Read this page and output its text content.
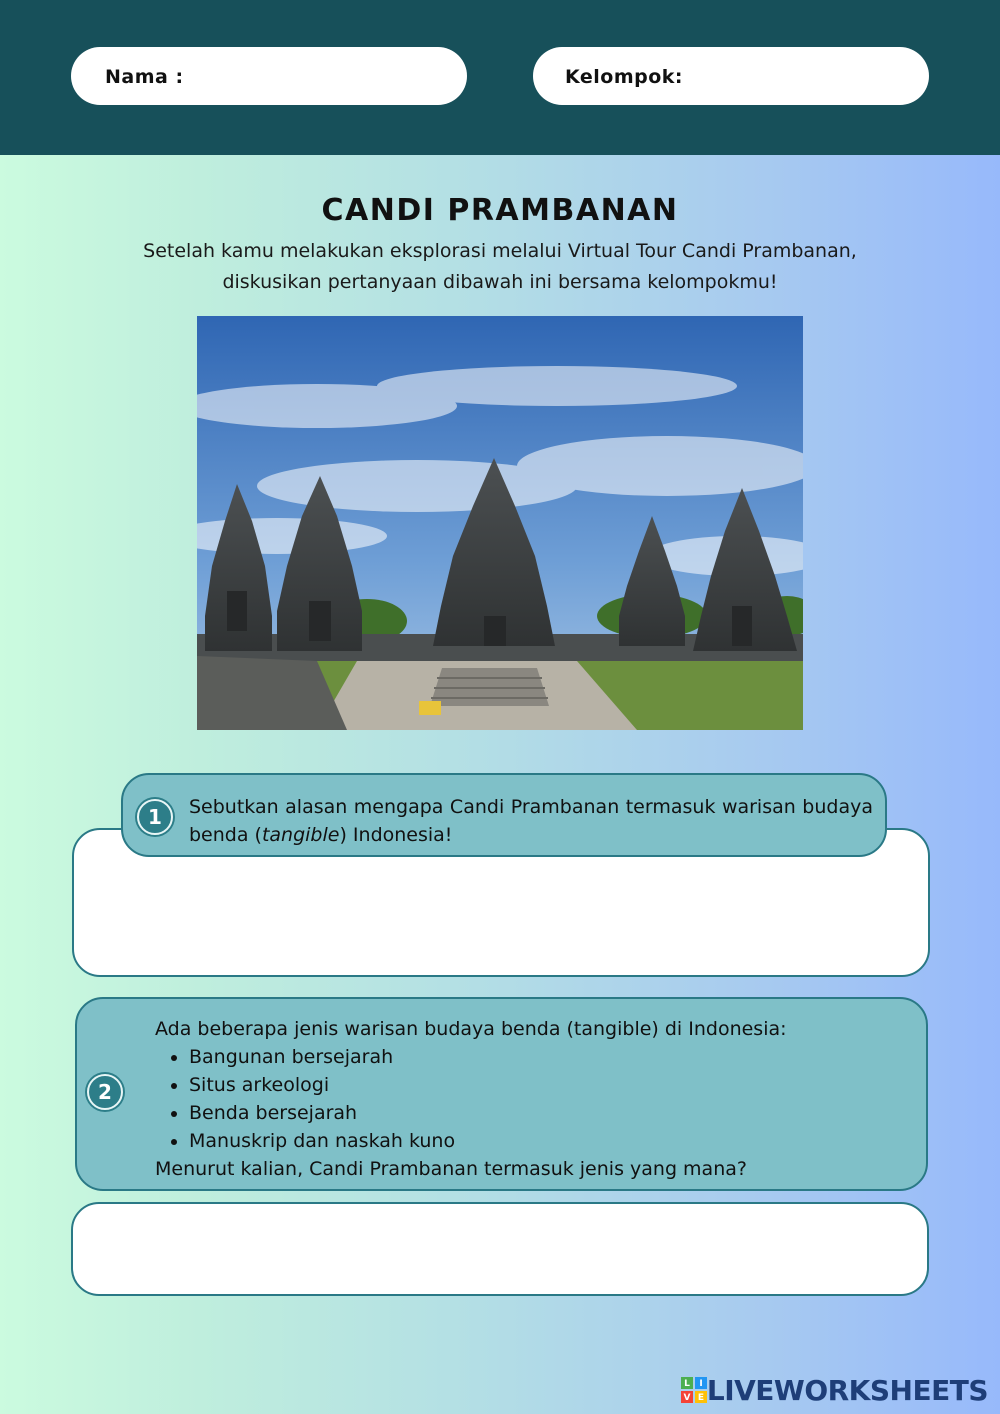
Nama :	Kelompok:
CANDI PRAMBANAN
Setelah kamu melakukan eksplorasi melalui Virtual Tour Candi Prambanan,
diskusikan pertanyaan dibawah ini bersama kelompokmu!
1	Sebutkan alasan mengapa Candi Prambanan termasuk warisan budaya benda (tangible) Indonesia!
2
Ada beberapa jenis warisan budaya benda (tangible) di Indonesia:
• Bangunan bersejarah
• Situs arkeologi
• Benda bersejarah
• Manuskrip dan naskah kuno
Menurut kalian, Candi Prambanan termasuk jenis yang mana?
L I
V E LIVEWORKSHEETS
